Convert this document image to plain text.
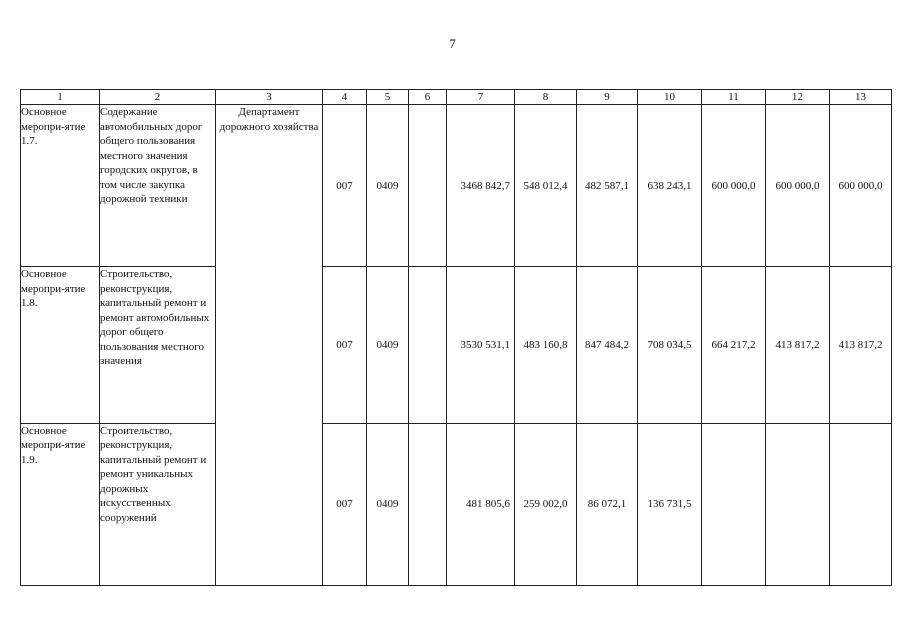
7
1	2	3	4	5	6	7	8	9	10	11	12	13
Основное меропри-ятие 1.7.	Содержание автомобильных дорог общего пользования местного значения городских округов, в том числе закупка дорожной техники	Департамент дорожного хозяйства	007	0409		3468 842,7	548 012,4	482 587,1	638 243,1	600 000,0	600 000,0	600 000,0
Основное меропри-ятие 1.8.	Строительство, реконструкция, капитальный ремонт и ремонт автомобильных дорог общего пользования местного значения		007	0409		3530 531,1	483 160,8	847 484,2	708 034,5	664 217,2	413 817,2	413 817,2
Основное меропри-ятие 1.9.	Строительство, реконструкция, капитальный ремонт и ремонт уникальных дорожных искусственных сооружений		007	0409		481 805,6	259 002,0	86 072,1	136 731,5			
